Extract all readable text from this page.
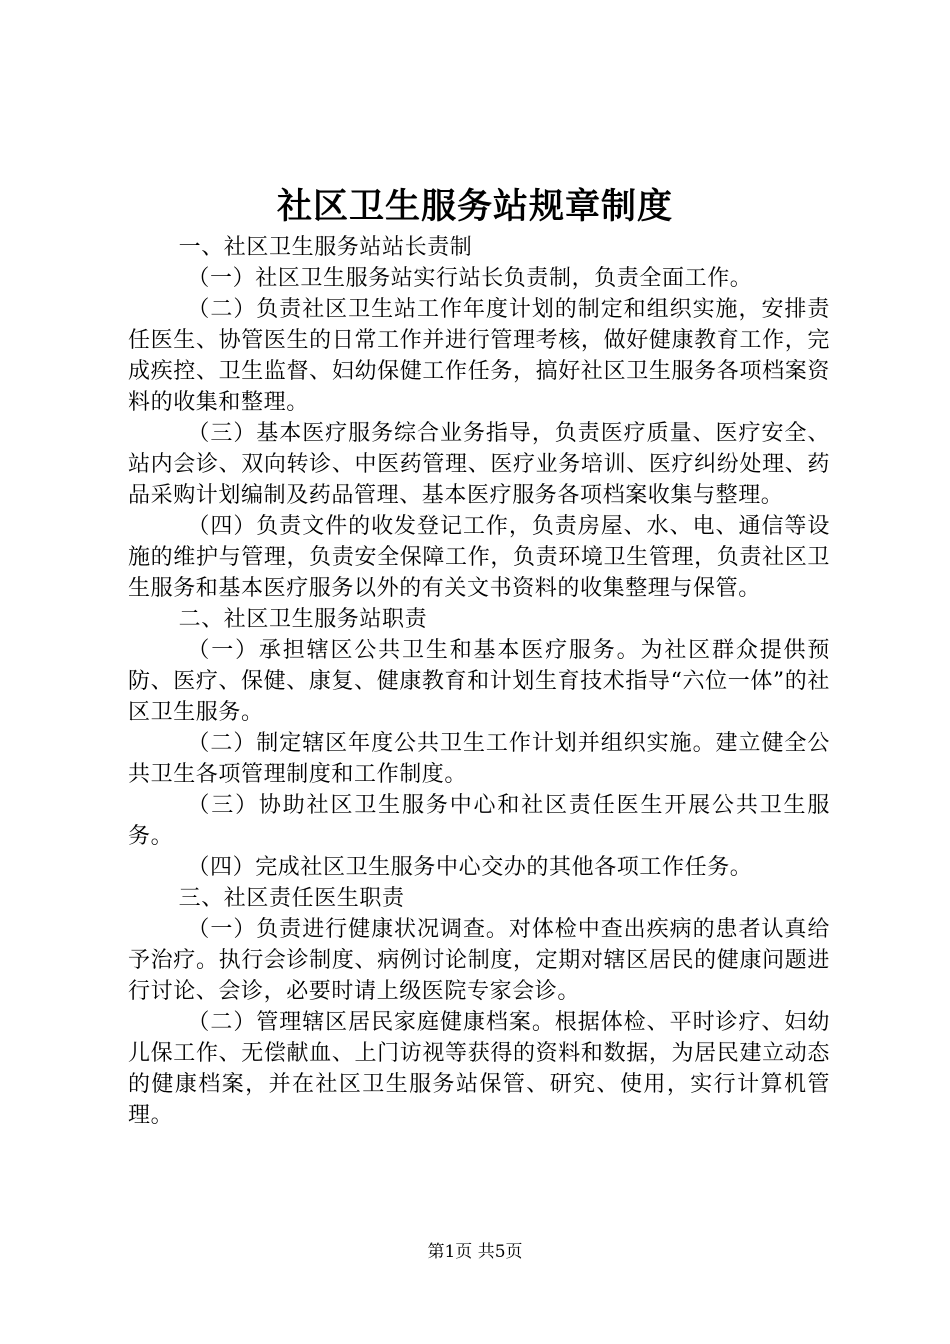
社区卫生服务站规章制度

一、社区卫生服务站站长责制

（一）社区卫生服务站实行站长负责制，负责全面工作。

（二）负责社区卫生站工作年度计划的制定和组织实施，安排责任医生、协管医生的日常工作并进行管理考核，做好健康教育工作，完成疾控、卫生监督、妇幼保健工作任务，搞好社区卫生服务各项档案资料的收集和整理。

（三）基本医疗服务综合业务指导，负责医疗质量、医疗安全、站内会诊、双向转诊、中医药管理、医疗业务培训、医疗纠纷处理、药品采购计划编制及药品管理、基本医疗服务各项档案收集与整理。

（四）负责文件的收发登记工作，负责房屋、水、电、通信等设施的维护与管理，负责安全保障工作，负责环境卫生管理，负责社区卫生服务和基本医疗服务以外的有关文书资料的收集整理与保管。

二、社区卫生服务站职责

（一）承担辖区公共卫生和基本医疗服务。为社区群众提供预防、医疗、保健、康复、健康教育和计划生育技术指导“六位一体”的社区卫生服务。

（二）制定辖区年度公共卫生工作计划并组织实施。建立健全公共卫生各项管理制度和工作制度。

（三）协助社区卫生服务中心和社区责任医生开展公共卫生服务。

（四）完成社区卫生服务中心交办的其他各项工作任务。

三、社区责任医生职责

（一）负责进行健康状况调查。对体检中查出疾病的患者认真给予治疗。执行会诊制度、病例讨论制度，定期对辖区居民的健康问题进行讨论、会诊，必要时请上级医院专家会诊。

（二）管理辖区居民家庭健康档案。根据体检、平时诊疗、妇幼儿保工作、无偿献血、上门访视等获得的资料和数据，为居民建立动态的健康档案，并在社区卫生服务站保管、研究、使用，实行计算机管理。

第1页 共5页
